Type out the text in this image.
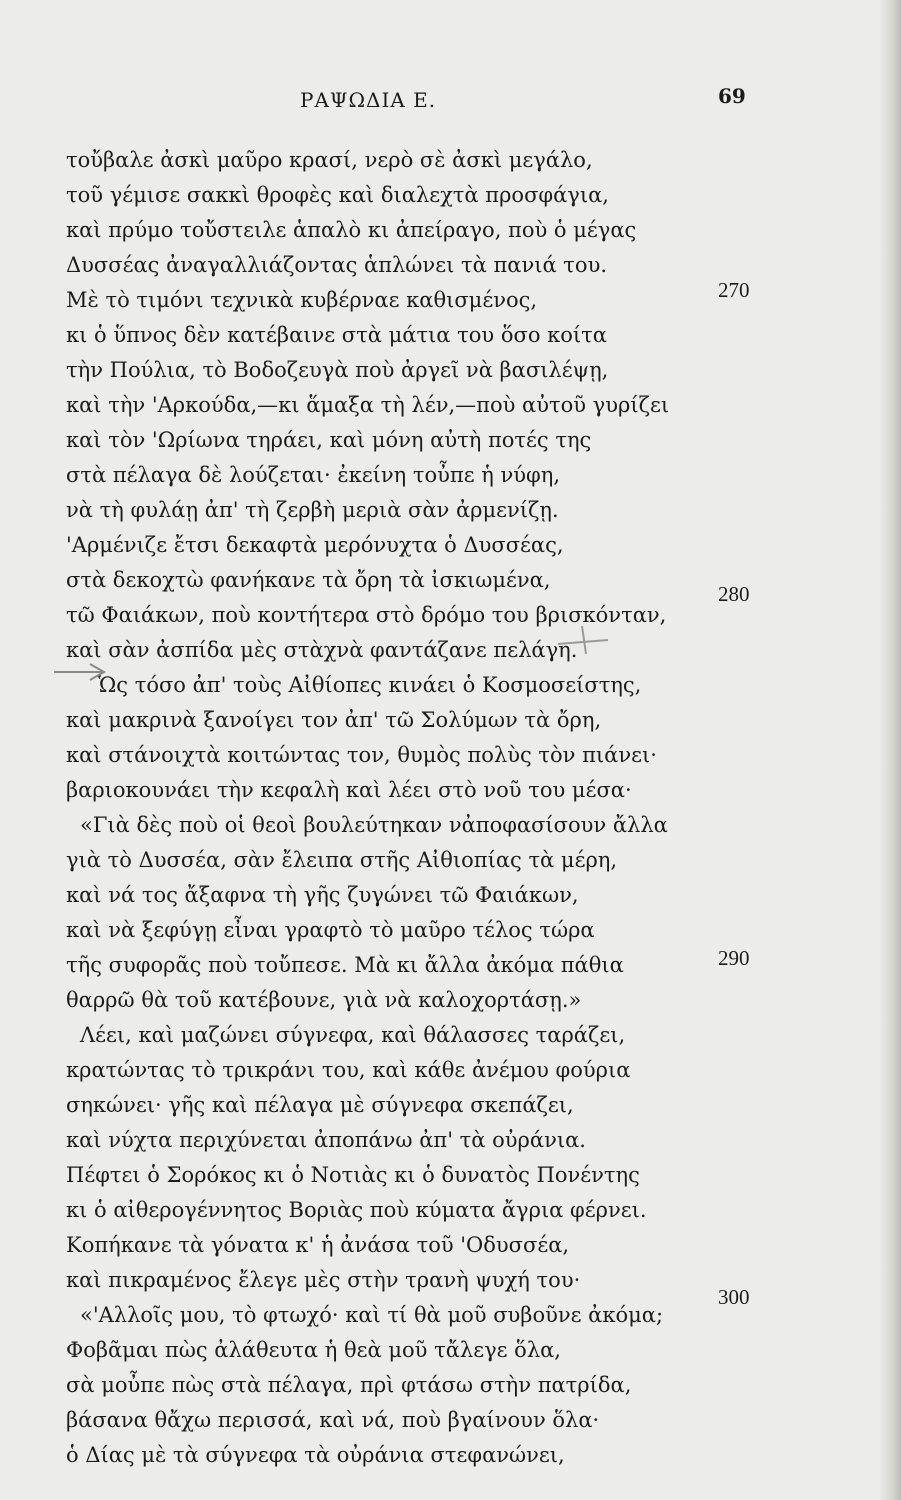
ΡΑΨΩΔΙΑ Ε.	69
τοὔβαλε ἀσκὶ μαῦρο κρασί, νερὸ σὲ ἀσκὶ μεγάλο,
τοῦ γέμισε σακκὶ θροφὲς καὶ διαλεχτὰ προσφάγια,
καὶ πρύμο τοὔστειλε ἁπαλὸ κι ἀπείραγο, ποὺ ὁ μέγας
Δυσσέας ἀναγαλλιάζοντας ἁπλώνει τὰ πανιά του.
Μὲ τὸ τιμόνι τεχνικὰ κυβέρναε καθισμένος,
κι ὁ ὕπνος δὲν κατέβαινε στὰ μάτια του ὅσο κοίτα
τὴν Πούλια, τὸ Βοδοζευγὰ ποὺ ἀργεῖ νὰ βασιλέψῃ,
καὶ τὴν 'Αρκούδα,—κι ἅμαξα τὴ λέν,—ποὺ αὐτοῦ γυρίζει
καὶ τὸν 'Ωρίωνα τηράει, καὶ μόνη αὐτὴ ποτές της
στὰ πέλαγα δὲ λούζεται· ἐκείνη τοὖπε ἡ νύφη,
νὰ τὴ φυλάῃ ἀπ' τὴ ζερβὴ μεριὰ σὰν ἀρμενίζῃ.
'Αρμένιζε ἔτσι δεκαφτὰ μερόνυχτα ὁ Δυσσέας,
στὰ δεκοχτὼ φανήκανε τὰ ὄρη τὰ ἰσκιωμένα,
τῶ Φαιάκων, ποὺ κοντήτερα στὸ δρόμο του βρισκόνταν,
καὶ σὰν ἀσπίδα μὲς στὰχνὰ φαντάζανε πελάγη.
Ὡς τόσο ἀπ' τοὺς Αἰθίοπες κινάει ὁ Κοσμοσείστης,
καὶ μακρινὰ ξανοίγει τον ἀπ' τῶ Σολύμων τὰ ὄρη,
καὶ στάνοιχτὰ κοιτώντας τον, θυμὸς πολὺς τὸν πιάνει·
βαριοκουνάει τὴν κεφαλὴ καὶ λέει στὸ νοῦ του μέσα·
«Γιὰ δὲς ποὺ οἱ θεοὶ βουλεύτηκαν νἀποφασίσουν ἄλλα
γιὰ τὸ Δυσσέα, σὰν ἔλειπα στῆς Αἰθιοπίας τὰ μέρη,
καὶ νά τος ἄξαφνα τὴ γῆς ζυγώνει τῶ Φαιάκων,
καὶ νὰ ξεφύγῃ εἶναι γραφτὸ τὸ μαῦρο τέλος τώρα
τῆς συφορᾶς ποὺ τοὔπεσε. Μὰ κι ἄλλα ἀκόμα πάθια
θαρρῶ θὰ τοῦ κατέβουνε, γιὰ νὰ καλοχορτάσῃ.»
Λέει, καὶ μαζώνει σύγνεφα, καὶ θάλασσες ταράζει,
κρατώντας τὸ τρικράνι του, καὶ κάθε ἀνέμου φούρια
σηκώνει· γῆς καὶ πέλαγα μὲ σύγνεφα σκεπάζει,
καὶ νύχτα περιχύνεται ἀποπάνω ἀπ' τὰ οὐράνια.
Πέφτει ὁ Σορόκος κι ὁ Νοτιὰς κι ὁ δυνατὸς Πονέντης
κι ὁ αἰθερογέννητος Βοριὰς ποὺ κύματα ἄγρια φέρνει.
Κοπήκανε τὰ γόνατα κ' ἡ ἀνάσα τοῦ 'Οδυσσέα,
καὶ πικραμένος ἔλεγε μὲς στὴν τρανὴ ψυχή του·
«'Αλλοῖς μου, τὸ φτωχό· καὶ τί θὰ μοῦ συβοῦνε ἀκόμα;
Φοβᾶμαι πὼς ἀλάθευτα ἡ θεὰ μοῦ τἄλεγε ὅλα,
σὰ μοὖπε πὼς στὰ πέλαγα, πρὶ φτάσω στὴν πατρίδα,
βάσανα θἄχω περισσά, καὶ νά, ποὺ βγαίνουν ὅλα·
ὁ Δίας μὲ τὰ σύγνεφα τὰ οὐράνια στεφανώνει,
270
280
290
300
